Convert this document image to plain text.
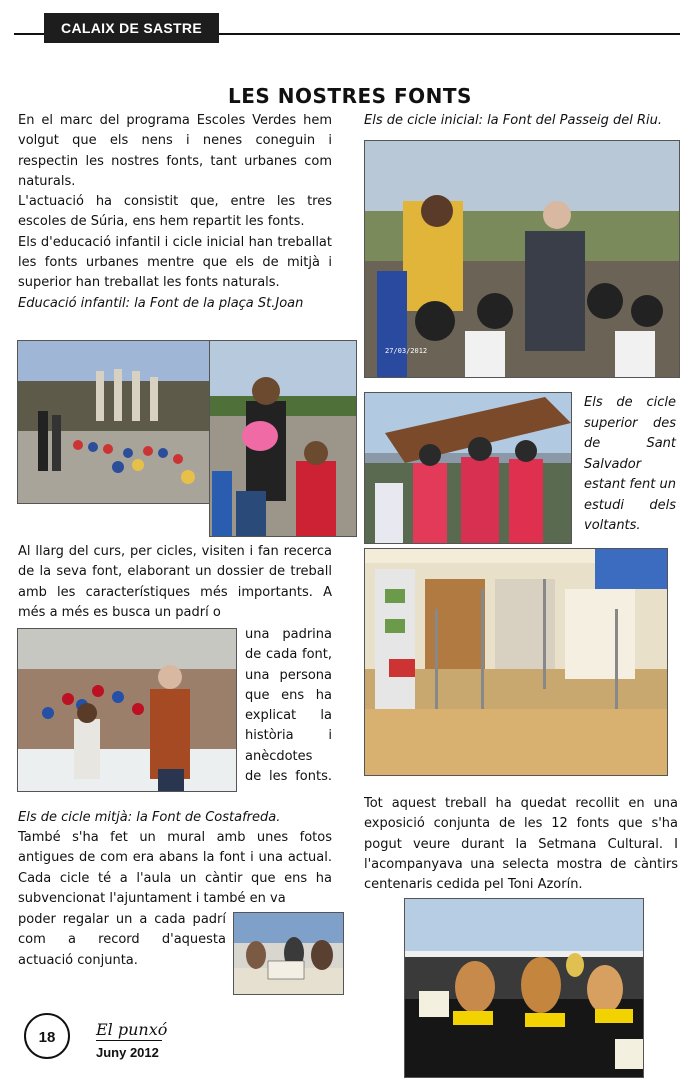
CALAIX DE SASTRE
LES NOSTRES FONTS

En el marc del programa Escoles Verdes hem volgut que els nens i nenes coneguin i respectin les nostres fonts, tant urbanes com naturals.

L'actuació ha consistit que, entre les tres escoles de Súria, ens hem repartit les fonts.

Els d'educació infantil i cicle inicial han treballat les fonts urbanes mentre que els de mitjà i superior han treballat les fonts naturals.

Educació infantil: la Font de la plaça St.Joan

Al llarg del curs, per cicles, visiten i fan recerca de la seva font, elaborant un dossier de treball amb les característiques més importants. A més a més es busca un padrí o

una padrina de cada font, una persona que ens ha explicat la història i anècdotes de les fonts.

Els de cicle mitjà: la Font de Costafreda.

També s'ha fet un mural amb unes fotos antigues de com era abans la font i una actual. Cada cicle té a l'aula un càntir que ens ha subvencionat l'ajuntament i també en va

poder regalar un a cada padrí com a record d'aquesta actuació conjunta.

Els de cicle inicial: la Font del Passeig del Riu.

27/03/2012

Els de cicle superior des de Sant Salvador estant fent un estudi dels voltants.

Tot aquest treball ha quedat recollit en una exposició conjunta de les 12 fonts que s'ha pogut veure durant la Setmana Cultural. I l'acompanyava una selecta mostra de càntirs centenaris cedida pel Toni Azorín.

18	El punxó
Juny 2012
